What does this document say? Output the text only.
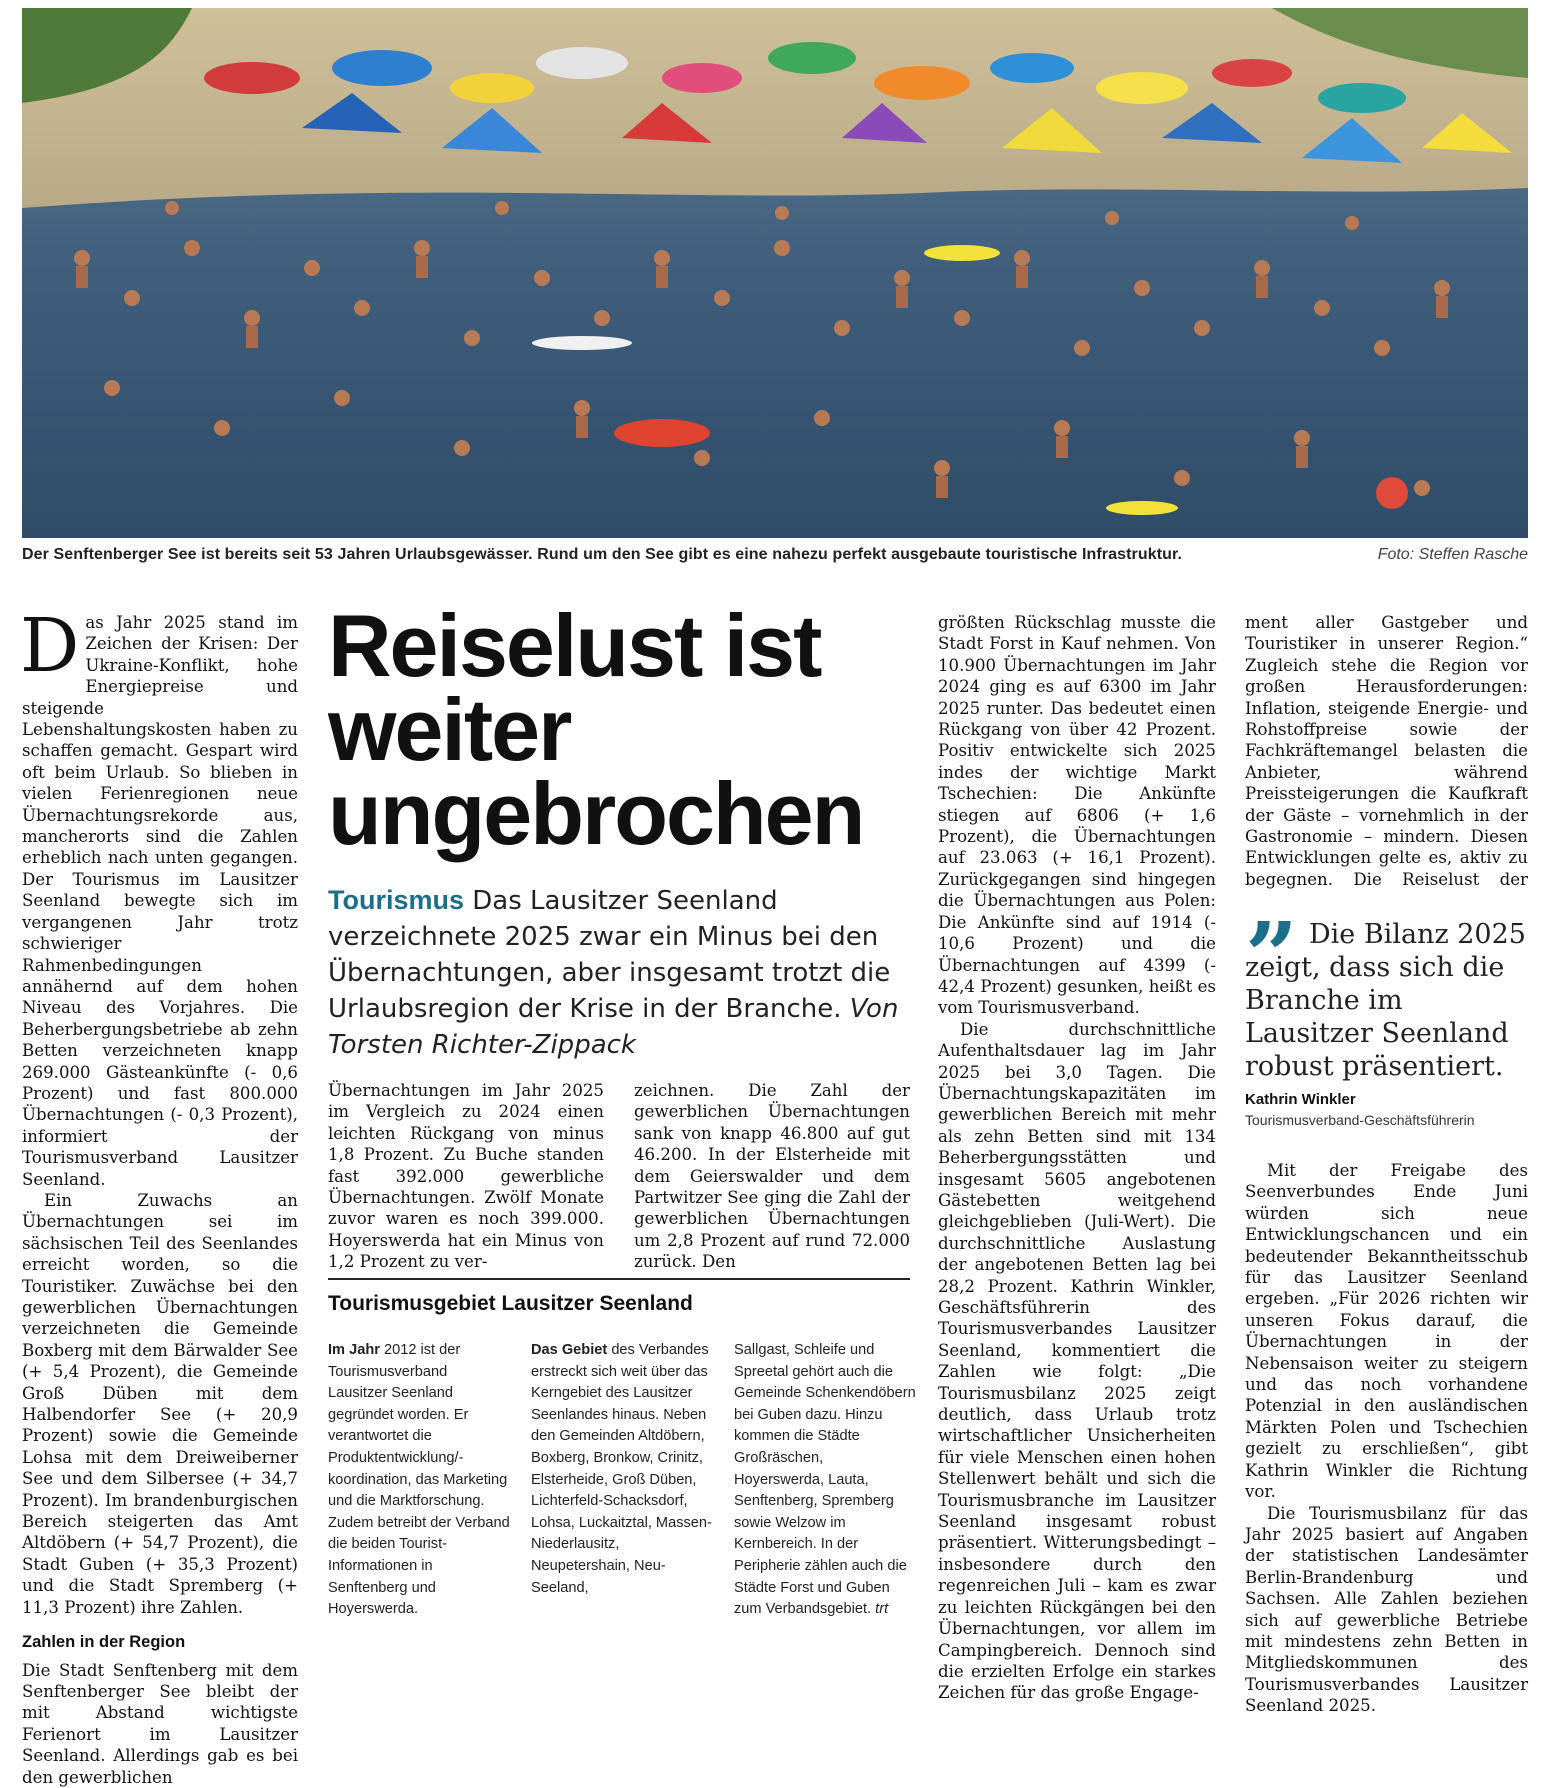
Der Senftenberger See ist bereits seit 53 Jahren Urlaubsgewässer. Rund um den See gibt es eine nahezu perfekt ausgebaute touristische Infrastruktur.	Foto: Steffen Rasche

Das Jahr 2025 stand im Zeichen der Krisen: Der Ukraine-Konflikt, hohe Energiepreise und steigende Lebenshaltungskosten haben zu schaffen gemacht. Gespart wird oft beim Urlaub. So blieben in vielen Ferienregionen neue Übernachtungsrekorde aus, mancherorts sind die Zahlen erheblich nach unten gegangen. Der Tourismus im Lausitzer Seenland bewegte sich im vergangenen Jahr trotz schwieriger Rahmenbedingungen annähernd auf dem hohen Niveau des Vorjahres. Die Beherbergungsbetriebe ab zehn Betten verzeichneten knapp 269.000 Gästeankünfte (- 0,6 Prozent) und fast 800.000 Übernachtungen (- 0,3 Prozent), informiert der Tourismusverband Lausitzer Seenland.

Ein Zuwachs an Übernachtungen sei im sächsischen Teil des Seenlandes erreicht worden, so die Touristiker. Zuwächse bei den gewerblichen Übernachtungen verzeichneten die Gemeinde Boxberg mit dem Bärwalder See (+ 5,4 Prozent), die Gemeinde Groß Düben mit dem Halbendorfer See (+ 20,9 Prozent) sowie die Gemeinde Lohsa mit dem Dreiweiberner See und dem Silbersee (+ 34,7 Prozent). Im brandenburgischen Bereich steigerten das Amt Altdöbern (+ 54,7 Prozent), die Stadt Guben (+ 35,3 Prozent) und die Stadt Spremberg (+ 11,3 Prozent) ihre Zahlen.

Zahlen in der Region

Die Stadt Senftenberg mit dem Senftenberger See bleibt der mit Abstand wichtigste Ferienort im Lausitzer Seenland. Allerdings gab es bei den gewerblichen

Reiselust ist weiter ungebrochen
Tourismus Das Lausitzer Seenland verzeichnete 2025 zwar ein Minus bei den Übernachtungen, aber insgesamt trotzt die Urlaubsregion der Krise in der Branche. Von Torsten Richter-Zippack

Übernachtungen im Jahr 2025 im Vergleich zu 2024 einen leichten Rückgang von minus 1,8 Prozent. Zu Buche standen fast 392.000 gewerbliche Übernachtungen. Zwölf Monate zuvor waren es noch 399.000. Hoyerswerda hat ein Minus von 1,2 Prozent zu ver-

zeichnen. Die Zahl der gewerblichen Übernachtungen sank von knapp 46.800 auf gut 46.200. In der Elsterheide mit dem Geierswalder und dem Partwitzer See ging die Zahl der gewerblichen Übernachtungen um 2,8 Prozent auf rund 72.000 zurück. Den

Tourismusgebiet Lausitzer Seenland
Im Jahr 2012 ist der Tourismusverband Lausitzer Seenland gegründet worden. Er verantwortet die Produktentwicklung/-koordination, das Marketing und die Marktforschung. Zudem betreibt der Verband die beiden Tourist-Informationen in Senftenberg und Hoyerswerda.
Das Gebiet des Verbandes erstreckt sich weit über das Kerngebiet des Lausitzer Seenlandes hinaus. Neben den Gemeinden Altdöbern, Boxberg, Bronkow, Crinitz, Elsterheide, Groß Düben, Lichterfeld-Schacksdorf, Lohsa, Luckaitztal, Massen-Niederlausitz, Neupetershain, Neu-Seeland,
Sallgast, Schleife und Spreetal gehört auch die Gemeinde Schenkendöbern bei Guben dazu. Hinzu kommen die Städte Großräschen, Hoyerswerda, Lauta, Senftenberg, Spremberg sowie Welzow im Kernbereich. In der Peripherie zählen auch die Städte Forst und Guben zum Verbandsgebiet. trt

größten Rückschlag musste die Stadt Forst in Kauf nehmen. Von 10.900 Übernachtungen im Jahr 2024 ging es auf 6300 im Jahr 2025 runter. Das bedeutet einen Rückgang von über 42 Prozent. Positiv entwickelte sich 2025 indes der wichtige Markt Tschechien: Die Ankünfte stiegen auf 6806 (+ 1,6 Prozent), die Übernachtungen auf 23.063 (+ 16,1 Prozent). Zurückgegangen sind hingegen die Übernachtungen aus Polen: Die Ankünfte sind auf 1914 (- 10,6 Prozent) und die Übernachtungen auf 4399 (- 42,4 Prozent) gesunken, heißt es vom Tourismusverband.

Die durchschnittliche Aufenthaltsdauer lag im Jahr 2025 bei 3,0 Tagen. Die Übernachtungskapazitäten im gewerblichen Bereich mit mehr als zehn Betten sind mit 134 Beherbergungsstätten und insgesamt 5605 angebotenen Gästebetten weitgehend gleichgeblieben (Juli-Wert). Die durchschnittliche Auslastung der angebotenen Betten lag bei 28,2 Prozent. Kathrin Winkler, Geschäftsführerin des Tourismusverbandes Lausitzer Seenland, kommentiert die Zahlen wie folgt: „Die Tourismusbilanz 2025 zeigt deutlich, dass Urlaub trotz wirtschaftlicher Unsicherheiten für viele Menschen einen hohen Stellenwert behält und sich die Tourismusbranche im Lausitzer Seenland insgesamt robust präsentiert. Witterungsbedingt – insbesondere durch den regenreichen Juli – kam es zwar zu leichten Rückgängen bei den Übernachtungen, vor allem im Campingbereich. Dennoch sind die erzielten Erfolge ein starkes Zeichen für das große Engage-

ment aller Gastgeber und Touristiker in unserer Region.“ Zugleich stehe die Region vor großen Herausforderungen: Inflation, steigende Energie- und Rohstoffpreise sowie der Fachkräftemangel belasten die Anbieter, während Preissteigerungen die Kaufkraft der Gäste – vornehmlich in der Gastronomie – mindern. Diesen Entwicklungen gelte es, aktiv zu begegnen. Die Reiselust der

” Die Bilanz 2025 zeigt, dass sich die Branche im Lausitzer Seenland robust präsentiert.

Kathrin Winkler
Tourismusverband-Geschäftsführerin

Mit der Freigabe des Seenverbundes Ende Juni würden sich neue Entwicklungschancen und ein bedeutender Bekanntheitsschub für das Lausitzer Seenland ergeben. „Für 2026 richten wir unseren Fokus darauf, die Übernachtungen in der Nebensaison weiter zu steigern und das noch vorhandene Potenzial in den ausländischen Märkten Polen und Tschechien gezielt zu erschließen“, gibt Kathrin Winkler die Richtung vor.

Die Tourismusbilanz für das Jahr 2025 basiert auf Angaben der statistischen Landesämter Berlin-Brandenburg und Sachsen. Alle Zahlen beziehen sich auf gewerbliche Betriebe mit mindestens zehn Betten in Mitgliedskommunen des Tourismusverbandes Lausitzer Seenland 2025.
